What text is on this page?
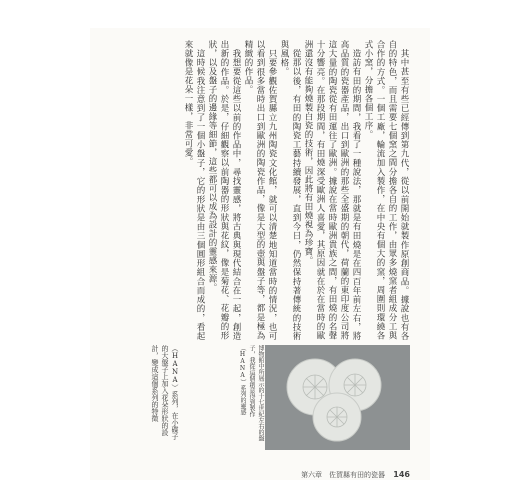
其中甚至有些已經傳到第九代，從以前開始就製作原創商品。據說也有各自的特色，而且需要七個窯之間分擔各自的工作，由眾多燒窯者組成分工與合作的方式。一個工廠，輪流加入製作，在中央有個大的窯，周圍則環繞各式小窯，分擔各個工序。

造訪有田的期間，我看了一種說法，那就是有田燒是在四百年前左右，將高品質的瓷器產品，出口到歐洲的那些全盛期的朝代，荷蘭的東印度公司將這大量的陶瓷從有田運往了歐洲。據說在當時歐洲貴族之間，有田燒的名聲十分響亮。在那段期間，有田燒深受歐洲人喜愛，其原因就在於在當時的歐洲還沒有能夠燒製白瓷的技術，因此將有田燒視為珍寶。

從那以後，有田的陶瓷工藝持續發展，直到今日，仍然保持著傳統的技術與風格。

只要參觀佐賀縣立九州陶瓷文化館，就可以清楚地知道當時的情況，也可以看到很多當時出口到歐洲的陶瓷作品，像是大型的壺與盤子等，都是極為精緻的作品。

我想要從這些以前的作品中，尋找靈感，將古典與現代結合在一起，創造出新的作品。於是，仔細觀察以前陶器的形狀與花紋，像是菊花、花瓣的形狀，以及盤子的邊緣等細節，這些都可以成為設計的靈感來源。

這時候我注意到了一個小盤子，它的形狀是由三個圓形組合而成的，看起來就像是花朵一樣，非常可愛。

（HANA）系列，在小碟子的大盤子上加入花朵形狀的設計，變成這個系列的特徵	博物館中所展示的十七世紀左右的盤子，我從這個創意得到製作（HANA）系列的靈感
第六章　佐賀縣有田的瓷器 146
